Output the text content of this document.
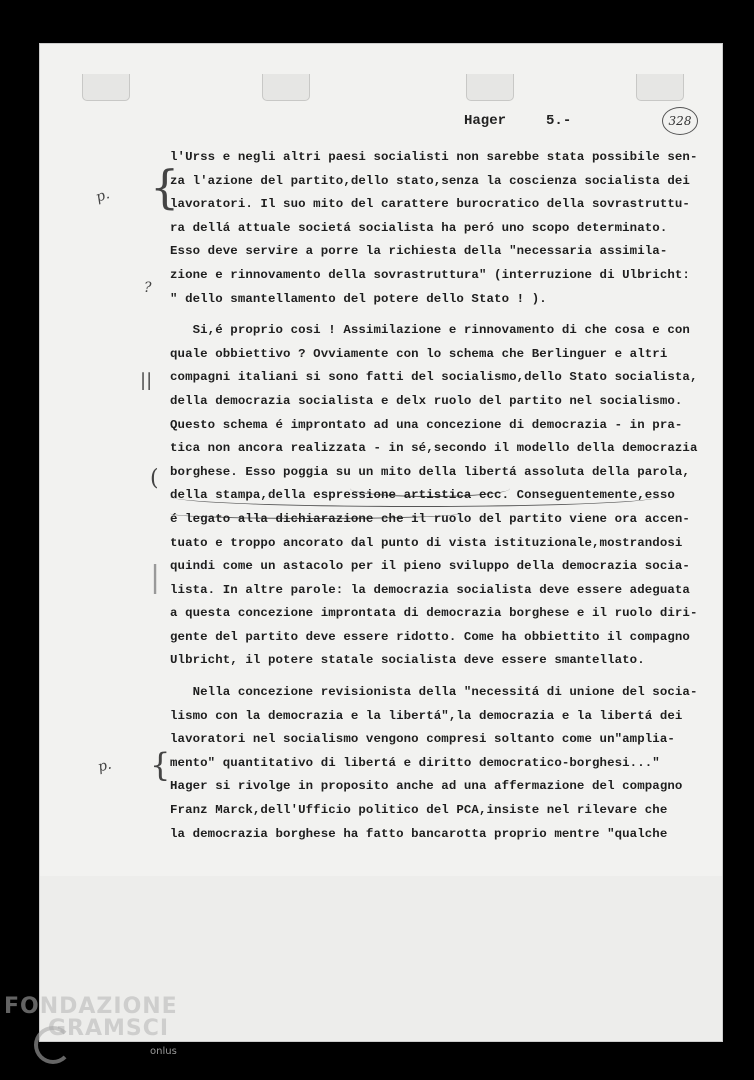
Hager	5.-	328
p. {
?
||
(
|
p. {
l'Urss e negli altri paesi socialisti non sarebbe stata possibile sen-
za l'azione del partito,dello stato,senza la coscienza socialista dei
lavoratori. Il suo mito del carattere burocratico della sovrastruttu-
ra dellá attuale societá socialista ha peró uno scopo determinato.
Esso deve servire a porre la richiesta della "necessaria assimila-
zione e rinnovamento della sovrastruttura" (interruzione di Ulbricht:
" dello smantellamento del potere dello Stato ! ).
Si,é proprio cosi ! Assimilazione e rinnovamento di che cosa e con
quale obbiettivo ? Ovviamente con lo schema che Berlinguer e altri
compagni italiani si sono fatti del socialismo,dello Stato socialista,
della democrazia socialista e delx ruolo del partito nel socialismo.
Questo schema é improntato ad una concezione di democrazia - in pra-
tica non ancora realizzata - in sé,secondo il modello della democrazia
borghese. Esso poggia su un mito della libertá assoluta della parola,
della stampa,della espressione artistica ecc. Conseguentemente,esso
é legato alla dichiarazione che il ruolo del partito viene ora accen-
tuato e troppo ancorato dal punto di vista istituzionale,mostrandosi
quindi come un astacolo per il pieno sviluppo della democrazia socia-
lista. In altre parole: la democrazia socialista deve essere adeguata
a questa concezione improntata di democrazia borghese e il ruolo diri-
gente del partito deve essere ridotto. Come ha obbiettito il compagno
Ulbricht, il potere statale socialista deve essere smantellato.
Nella concezione revisionista della "necessitá di unione del socia-
lismo con la democrazia e la libertá",la democrazia e la libertá dei
lavoratori nel socialismo vengono compresi soltanto come un"amplia-
mento" quantitativo di libertá e diritto democratico-borghesi..."
Hager si rivolge in proposito anche ad una affermazione del compagno
Franz Marck,dell'Ufficio politico del PCA,insiste nel rilevare che
la democrazia borghese ha fatto bancarotta proprio mentre "qualche
FONDAZIONE
GRAMSCI
onlus
